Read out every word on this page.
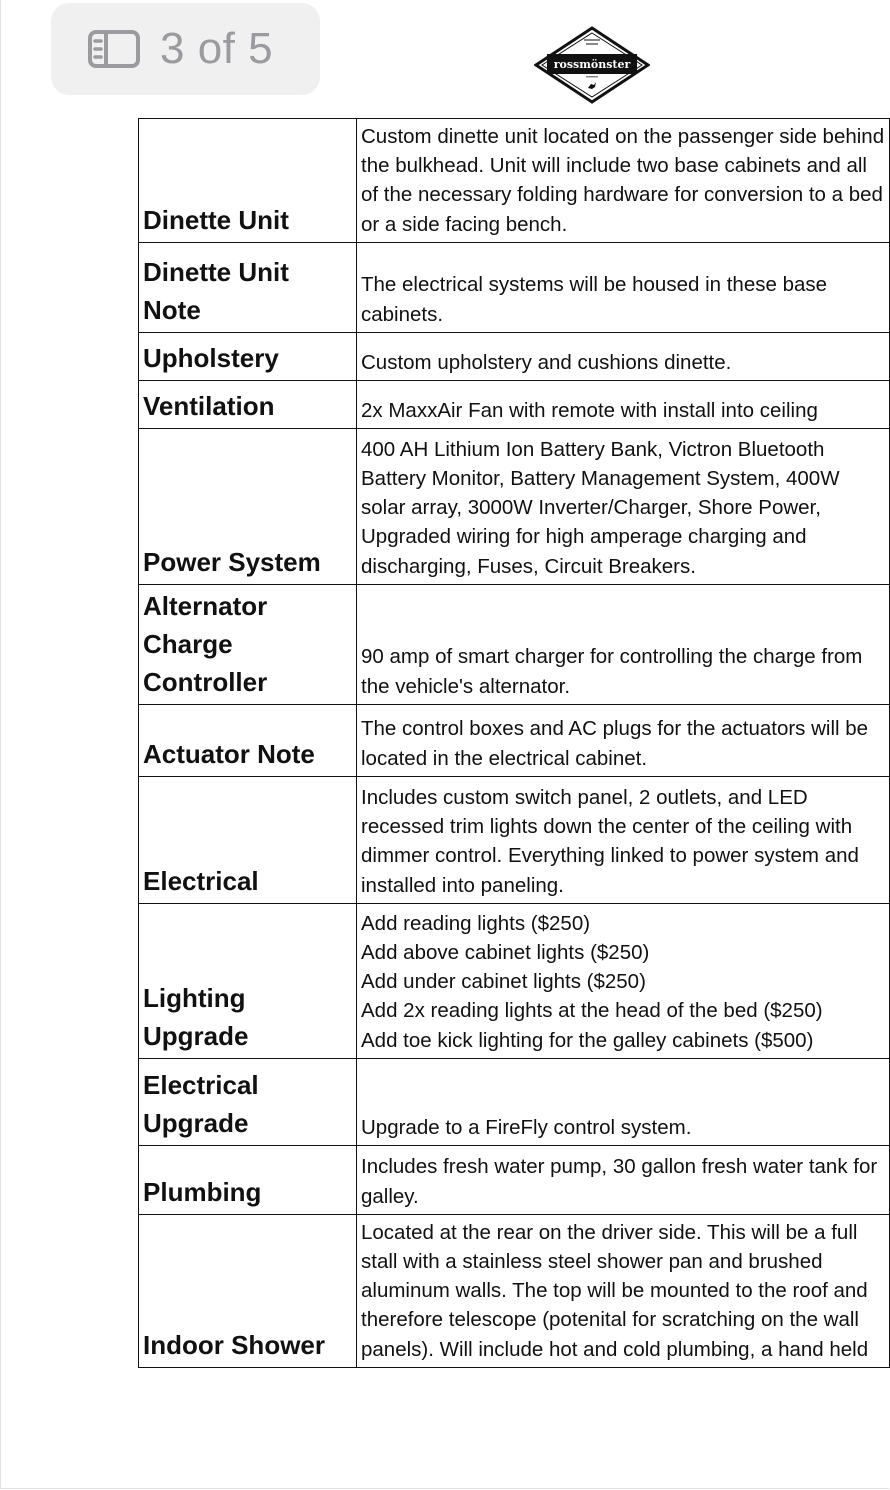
3 of 5	rossmönster
Dinette Unit	Custom dinette unit located on the passenger side behind the bulkhead. Unit will include two base cabinets and all of the necessary folding hardware for conversion to a bed or a side facing bench.
Dinette Unit Note	The electrical systems will be housed in these base cabinets.
Upholstery	Custom upholstery and cushions dinette.
Ventilation	2x MaxxAir Fan with remote with install into ceiling
Power System	400 AH Lithium Ion Battery Bank, Victron Bluetooth Battery Monitor, Battery Management System, 400W solar array, 3000W Inverter/Charger, Shore Power, Upgraded wiring for high amperage charging and discharging, Fuses, Circuit Breakers.
Alternator Charge Controller	90 amp of smart charger for controlling the charge from the vehicle's alternator.
Actuator Note	The control boxes and AC plugs for the actuators will be located in the electrical cabinet.
Electrical	Includes custom switch panel, 2 outlets, and LED recessed trim lights down the center of the ceiling with dimmer control. Everything linked to power system and installed into paneling.
Lighting Upgrade	Add reading lights ($250)
Add above cabinet lights ($250)
Add under cabinet lights ($250)
Add 2x reading lights at the head of the bed ($250)
Add toe kick lighting for the galley cabinets ($500)
Electrical Upgrade	Upgrade to a FireFly control system.
Plumbing	Includes fresh water pump, 30 gallon fresh water tank for galley.
Indoor Shower	Located at the rear on the driver side. This will be a full stall with a stainless steel shower pan and brushed aluminum walls. The top will be mounted to the roof and therefore telescope (potenital for scratching on the wall panels). Will include hot and cold plumbing, a hand held
